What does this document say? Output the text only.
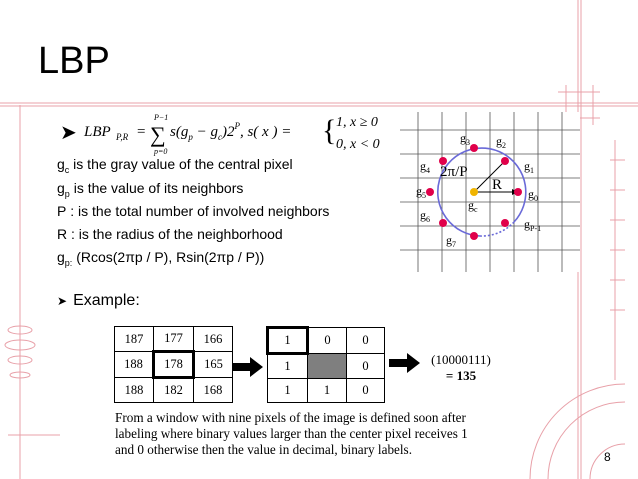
LBP
➤ LBP P,R =
P−1
∑
p=0
$s(g_p - g_c)2^P$, s( x ) = { 1, x ≥ 0
0, x < 0
$g_c$ is the gray value of the central pixel
$g_p$ is the value of its neighbors
P : is the total number of involved neighbors
R : is the radius of the neighborhood
$g_{p:}$ (Rcos(2πp / P), Rsin(2πp / P))
2π/P
R
$g_3$ $g_2$
$g_4$	$g_1$
$g_5$	$g_0$
$g_6$	$g_{P-1}$
$g_7$
$g_c$
➤ Example:
187	177	166
188	178	165
188	182	168
1	0	0
1		0
1	1	0
(10000111)
= 135
From a window with nine pixels of the image is defined soon after
labeling where binary values larger than the center pixel receives 1
and 0 otherwise then the value in decimal, binary labels.	8
